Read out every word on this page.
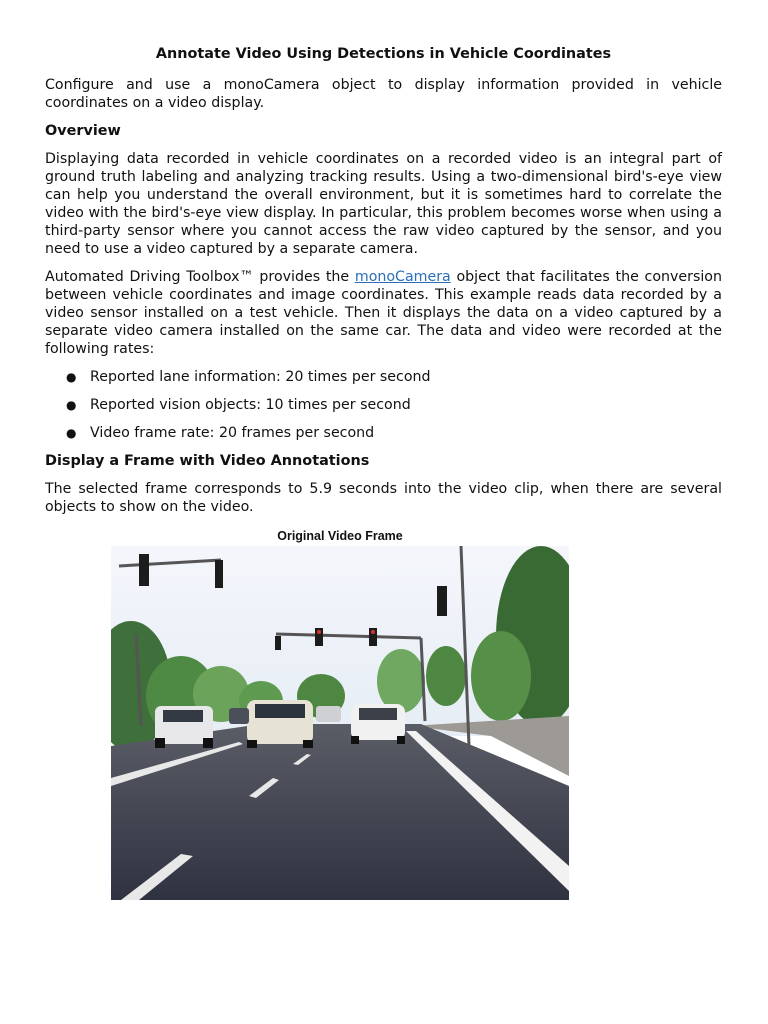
Annotate Video Using Detections in Vehicle Coordinates

Configure and use a monoCamera object to display information provided in vehicle coordinates on a video display.

Overview

Displaying data recorded in vehicle coordinates on a recorded video is an integral part of ground truth labeling and analyzing tracking results. Using a two-dimensional bird's-eye view can help you understand the overall environment, but it is sometimes hard to correlate the video with the bird's-eye view display. In particular, this problem becomes worse when using a third-party sensor where you cannot access the raw video captured by the sensor, and you need to use a video captured by a separate camera.

Automated Driving Toolbox™ provides the monoCamera object that facilitates the conversion between vehicle coordinates and image coordinates. This example reads data recorded by a video sensor installed on a test vehicle. Then it displays the data on a video captured by a separate video camera installed on the same car. The data and video were recorded at the following rates:

● Reported lane information: 20 times per second
● Reported vision objects: 10 times per second
● Video frame rate: 20 frames per second
Display a Frame with Video Annotations

The selected frame corresponds to 5.9 seconds into the video clip, when there are several objects to show on the video.

Original Video Frame
